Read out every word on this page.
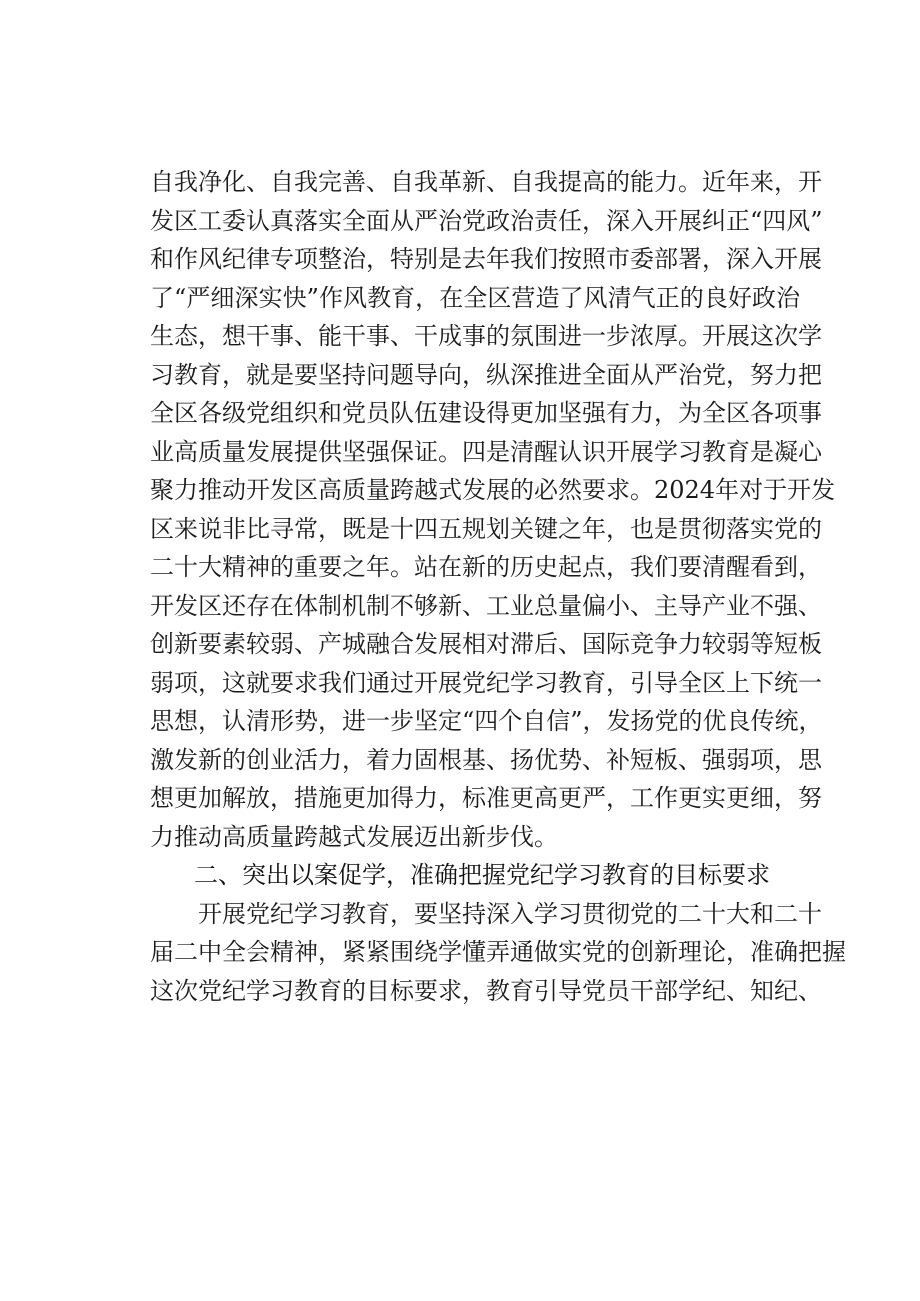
自我净化、自我完善、自我革新、自我提高的能力。近年来，开
发区工委认真落实全面从严治党政治责任，深入开展纠正“四风”
和作风纪律专项整治，特别是去年我们按照市委部署，深入开展
了“严细深实快”作风教育，在全区营造了风清气正的良好政治
生态，想干事、能干事、干成事的氛围进一步浓厚。开展这次学
习教育，就是要坚持问题导向，纵深推进全面从严治党，努力把
全区各级党组织和党员队伍建设得更加坚强有力，为全区各项事
业高质量发展提供坚强保证。四是清醒认识开展学习教育是凝心
聚力推动开发区高质量跨越式发展的必然要求。2024年对于开发
区来说非比寻常，既是十四五规划关键之年，也是贯彻落实党的
二十大精神的重要之年。站在新的历史起点，我们要清醒看到，
开发区还存在体制机制不够新、工业总量偏小、主导产业不强、
创新要素较弱、产城融合发展相对滞后、国际竞争力较弱等短板
弱项，这就要求我们通过开展党纪学习教育，引导全区上下统一
思想，认清形势，进一步坚定“四个自信”，发扬党的优良传统，
激发新的创业活力，着力固根基、扬优势、补短板、强弱项，思
想更加解放，措施更加得力，标准更高更严，工作更实更细，努
力推动高质量跨越式发展迈出新步伐。
二、突出以案促学，准确把握党纪学习教育的目标要求
开展党纪学习教育，要坚持深入学习贯彻党的二十大和二十
届二中全会精神，紧紧围绕学懂弄通做实党的创新理论，准确把握
这次党纪学习教育的目标要求，教育引导党员干部学纪、知纪、
